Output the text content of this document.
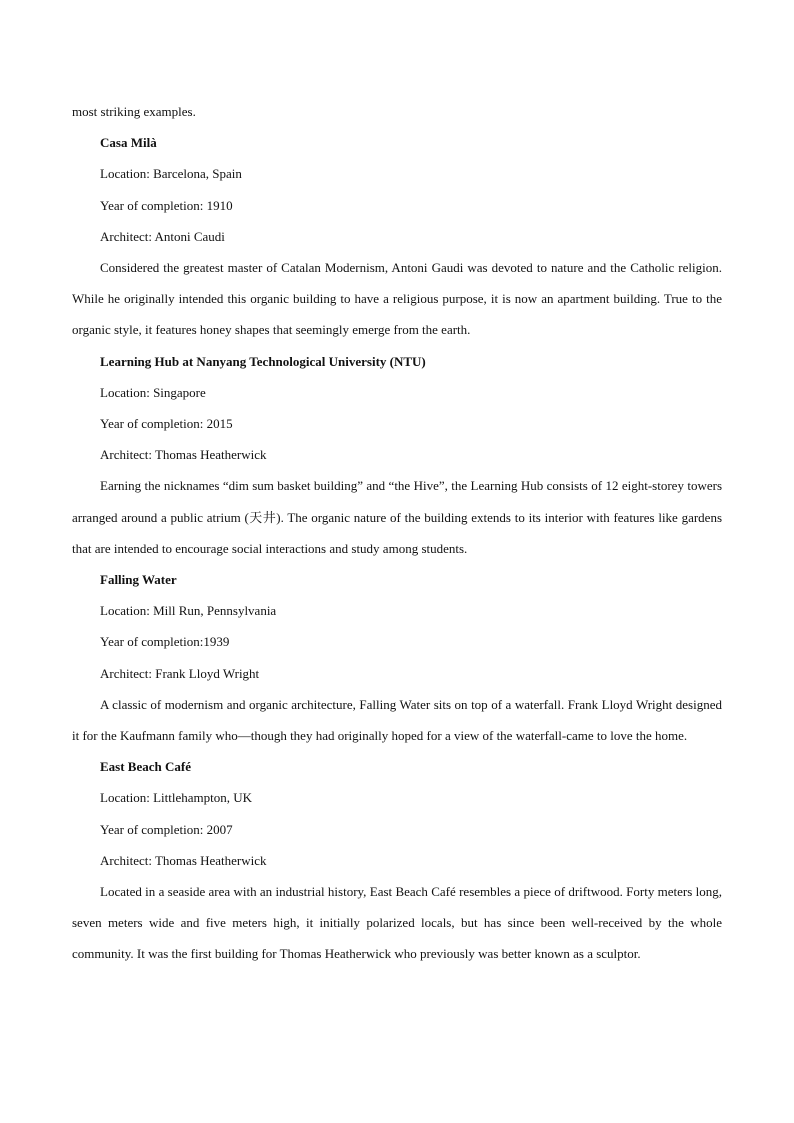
most striking examples.

Casa Milà

Location: Barcelona, Spain

Year of completion: 1910

Architect: Antoni Caudi

Considered the greatest master of Catalan Modernism, Antoni Gaudi was devoted to nature and the Catholic religion. While he originally intended this organic building to have a religious purpose, it is now an apartment building. True to the organic style, it features honey shapes that seemingly emerge from the earth.

Learning Hub at Nanyang Technological University (NTU)

Location: Singapore

Year of completion: 2015

Architect: Thomas Heatherwick

Earning the nicknames “dim sum basket building” and “the Hive”, the Learning Hub consists of 12 eight-storey towers arranged around a public atrium (天井). The organic nature of the building extends to its interior with features like gardens that are intended to encourage social interactions and study among students.

Falling Water

Location: Mill Run, Pennsylvania

Year of completion:1939

Architect: Frank Lloyd Wright

A classic of modernism and organic architecture, Falling Water sits on top of a waterfall. Frank Lloyd Wright designed it for the Kaufmann family who—though they had originally hoped for a view of the waterfall-came to love the home.

East Beach Café

Location: Littlehampton, UK

Year of completion: 2007

Architect: Thomas Heatherwick

Located in a seaside area with an industrial history, East Beach Café resembles a piece of driftwood. Forty meters long, seven meters wide and five meters high, it initially polarized locals, but has since been well-received by the whole community. It was the first building for Thomas Heatherwick who previously was better known as a sculptor.
